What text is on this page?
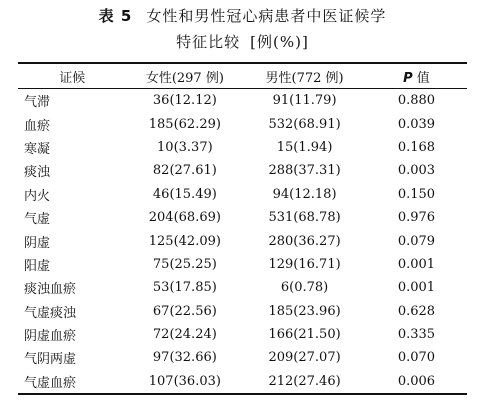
表 5 女性和男性冠心病患者中医证候学
特征比较 [例(%)]
证候	女性(297 例)	男性(772 例)	P 值
气滞	36(12.12)	91(11.79)	0.880
血瘀	185(62.29)	532(68.91)	0.039
寒凝	10(3.37)	15(1.94)	0.168
痰浊	82(27.61)	288(37.31)	0.003
内火	46(15.49)	94(12.18)	0.150
气虚	204(68.69)	531(68.78)	0.976
阴虚	125(42.09)	280(36.27)	0.079
阳虚	75(25.25)	129(16.71)	0.001
痰浊血瘀	53(17.85)	6(0.78)	0.001
气虚痰浊	67(22.56)	185(23.96)	0.628
阴虚血瘀	72(24.24)	166(21.50)	0.335
气阴两虚	97(32.66)	209(27.07)	0.070
气虚血瘀	107(36.03)	212(27.46)	0.006
